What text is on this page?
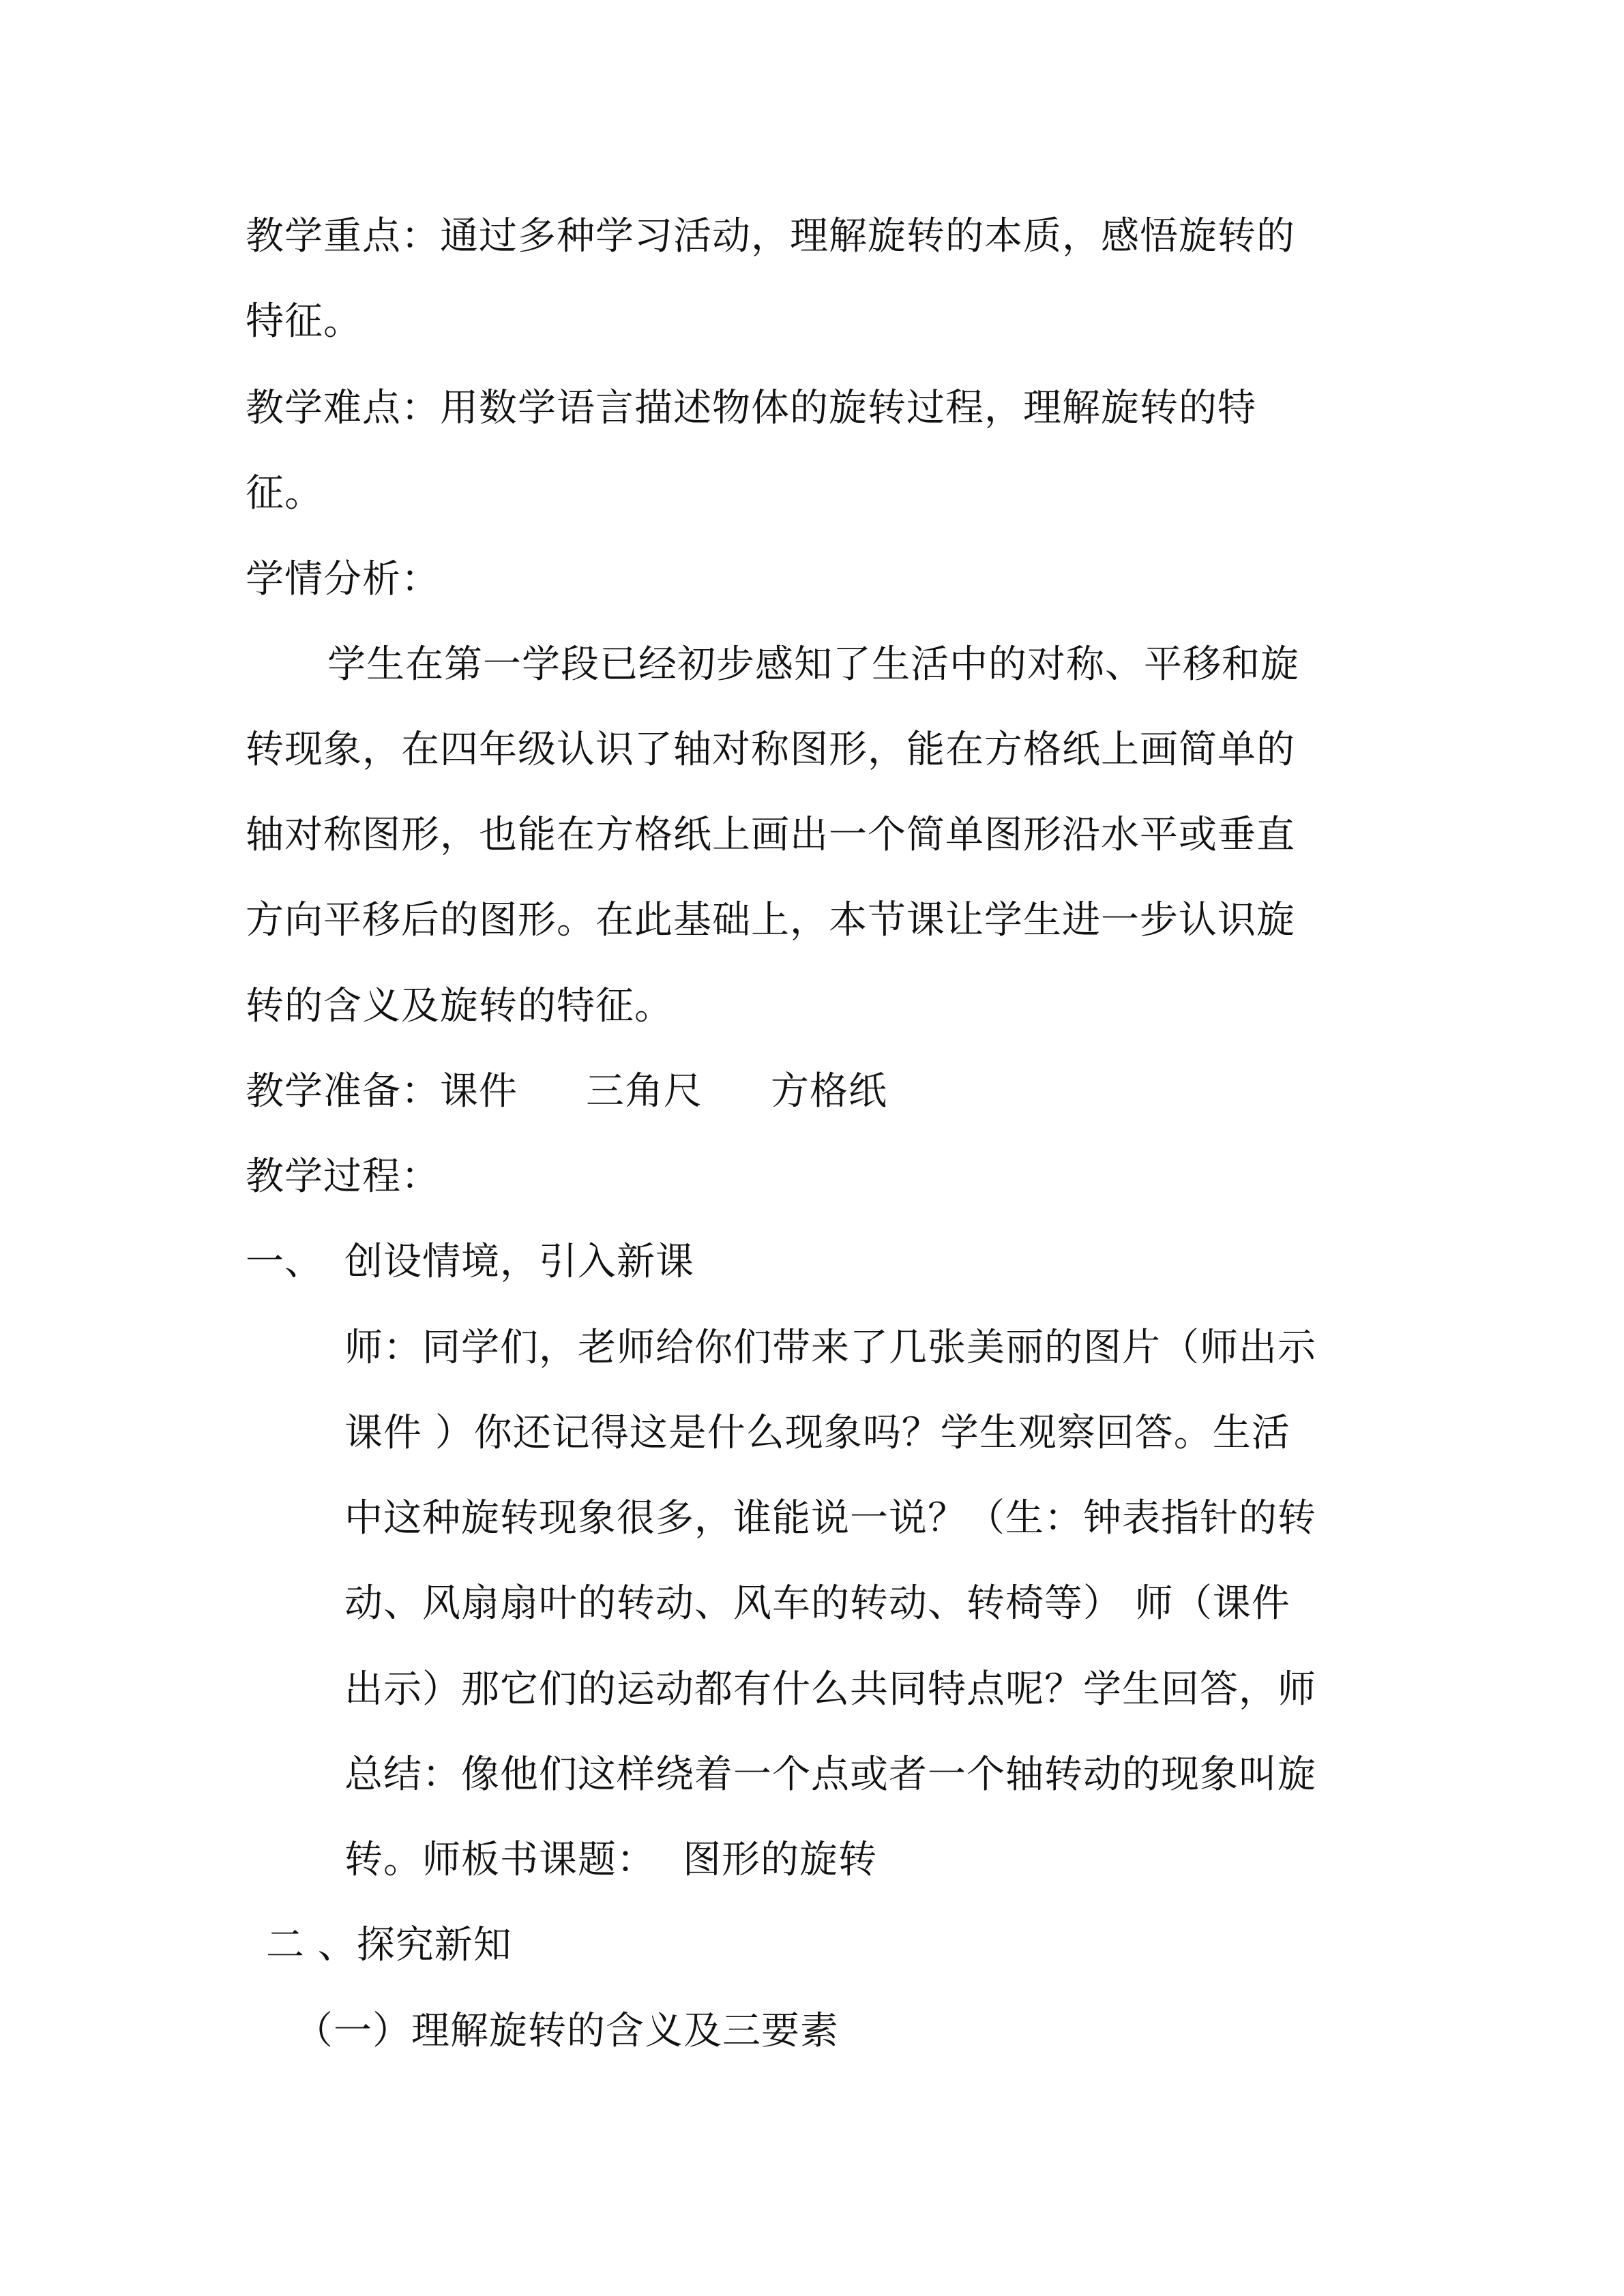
教学重点：通过多种学习活动，理解旋转的本质，感悟旋转的

特征。

教学难点：用数学语言描述物体的旋转过程，理解旋转的特

征。

学情分析：

学生在第一学段已经初步感知了生活中的对称、平移和旋

转现象，在四年级认识了轴对称图形，能在方格纸上画简单的

轴对称图形，也能在方格纸上画出一个简单图形沿水平或垂直

方向平移后的图形。在此基础上，本节课让学生进一步认识旋

转的含义及旋转的特征。

教学准备：课件 三角尺 方格纸

教学过程：

一、 创设情境，引入新课

师：同学们，老师给你们带来了几张美丽的图片（师出示

课件 ）你还记得这是什么现象吗？学生观察回答。生活

中这种旋转现象很多，谁能说一说？（生：钟表指针的转

动、风扇扇叶的转动、风车的转动、转椅等） 师（课件

出示）那它们的运动都有什么共同特点呢？学生回答，师

总结：像他们这样绕着一个点或者一个轴转动的现象叫旋

转。师板书课题： 图形的旋转

二 、探究新知

（一）理解旋转的含义及三要素
